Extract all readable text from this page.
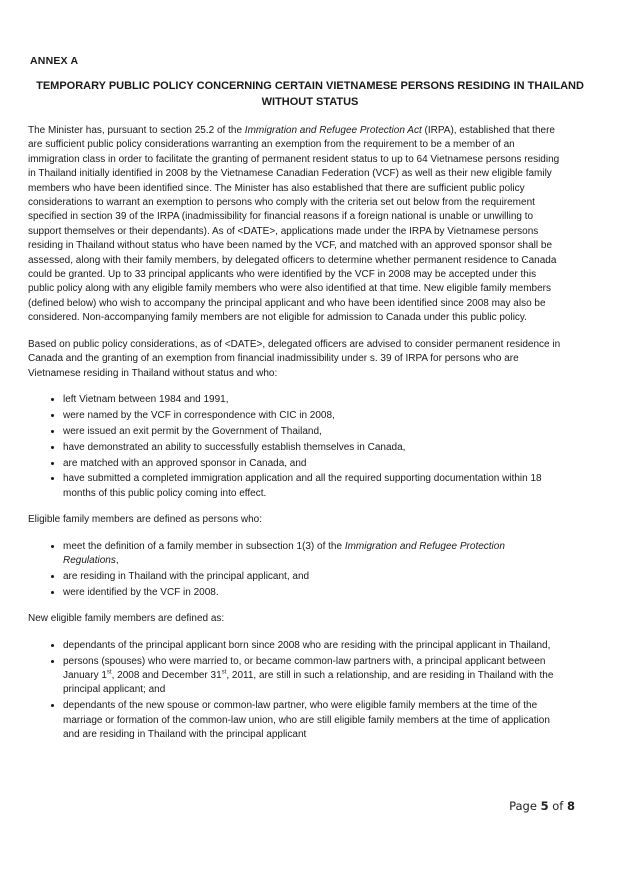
ANNEX A
TEMPORARY PUBLIC POLICY CONCERNING CERTAIN VIETNAMESE PERSONS RESIDING IN THAILAND WITHOUT STATUS

The Minister has, pursuant to section 25.2 of the Immigration and Refugee Protection Act (IRPA), established that there are sufficient public policy considerations warranting an exemption from the requirement to be a member of an immigration class in order to facilitate the granting of permanent resident status to up to 64 Vietnamese persons residing in Thailand initially identified in 2008 by the Vietnamese Canadian Federation (VCF) as well as their new eligible family members who have been identified since. The Minister has also established that there are sufficient public policy considerations to warrant an exemption to persons who comply with the criteria set out below from the requirement specified in section 39 of the IRPA (inadmissibility for financial reasons if a foreign national is unable or unwilling to support themselves or their dependants). As of <DATE>, applications made under the IRPA by Vietnamese persons residing in Thailand without status who have been named by the VCF, and matched with an approved sponsor shall be assessed, along with their family members, by delegated officers to determine whether permanent residence to Canada could be granted. Up to 33 principal applicants who were identified by the VCF in 2008 may be accepted under this public policy along with any eligible family members who were also identified at that time. New eligible family members (defined below) who wish to accompany the principal applicant and who have been identified since 2008 may also be considered. Non-accompanying family members are not eligible for admission to Canada under this public policy.

Based on public policy considerations, as of <DATE>, delegated officers are advised to consider permanent residence in Canada and the granting of an exemption from financial inadmissibility under s. 39 of IRPA for persons who are Vietnamese residing in Thailand without status and who:

• left Vietnam between 1984 and 1991,
• were named by the VCF in correspondence with CIC in 2008,
• were issued an exit permit by the Government of Thailand,
• have demonstrated an ability to successfully establish themselves in Canada,
• are matched with an approved sponsor in Canada, and
• have submitted a completed immigration application and all the required supporting documentation within 18 months of this public policy coming into effect.

Eligible family members are defined as persons who:

• meet the definition of a family member in subsection 1(3) of the Immigration and Refugee Protection Regulations,
• are residing in Thailand with the principal applicant, and
• were identified by the VCF in 2008.

New eligible family members are defined as:

• dependants of the principal applicant born since 2008 who are residing with the principal applicant in Thailand,
• persons (spouses) who were married to, or became common-law partners with, a principal applicant between January 1st, 2008 and December 31st, 2011, are still in such a relationship, and are residing in Thailand with the principal applicant; and
• dependants of the new spouse or common-law partner, who were eligible family members at the time of the marriage or formation of the common-law union, who are still eligible family members at the time of application and are residing in Thailand with the principal applicant
Page 5 of 8
